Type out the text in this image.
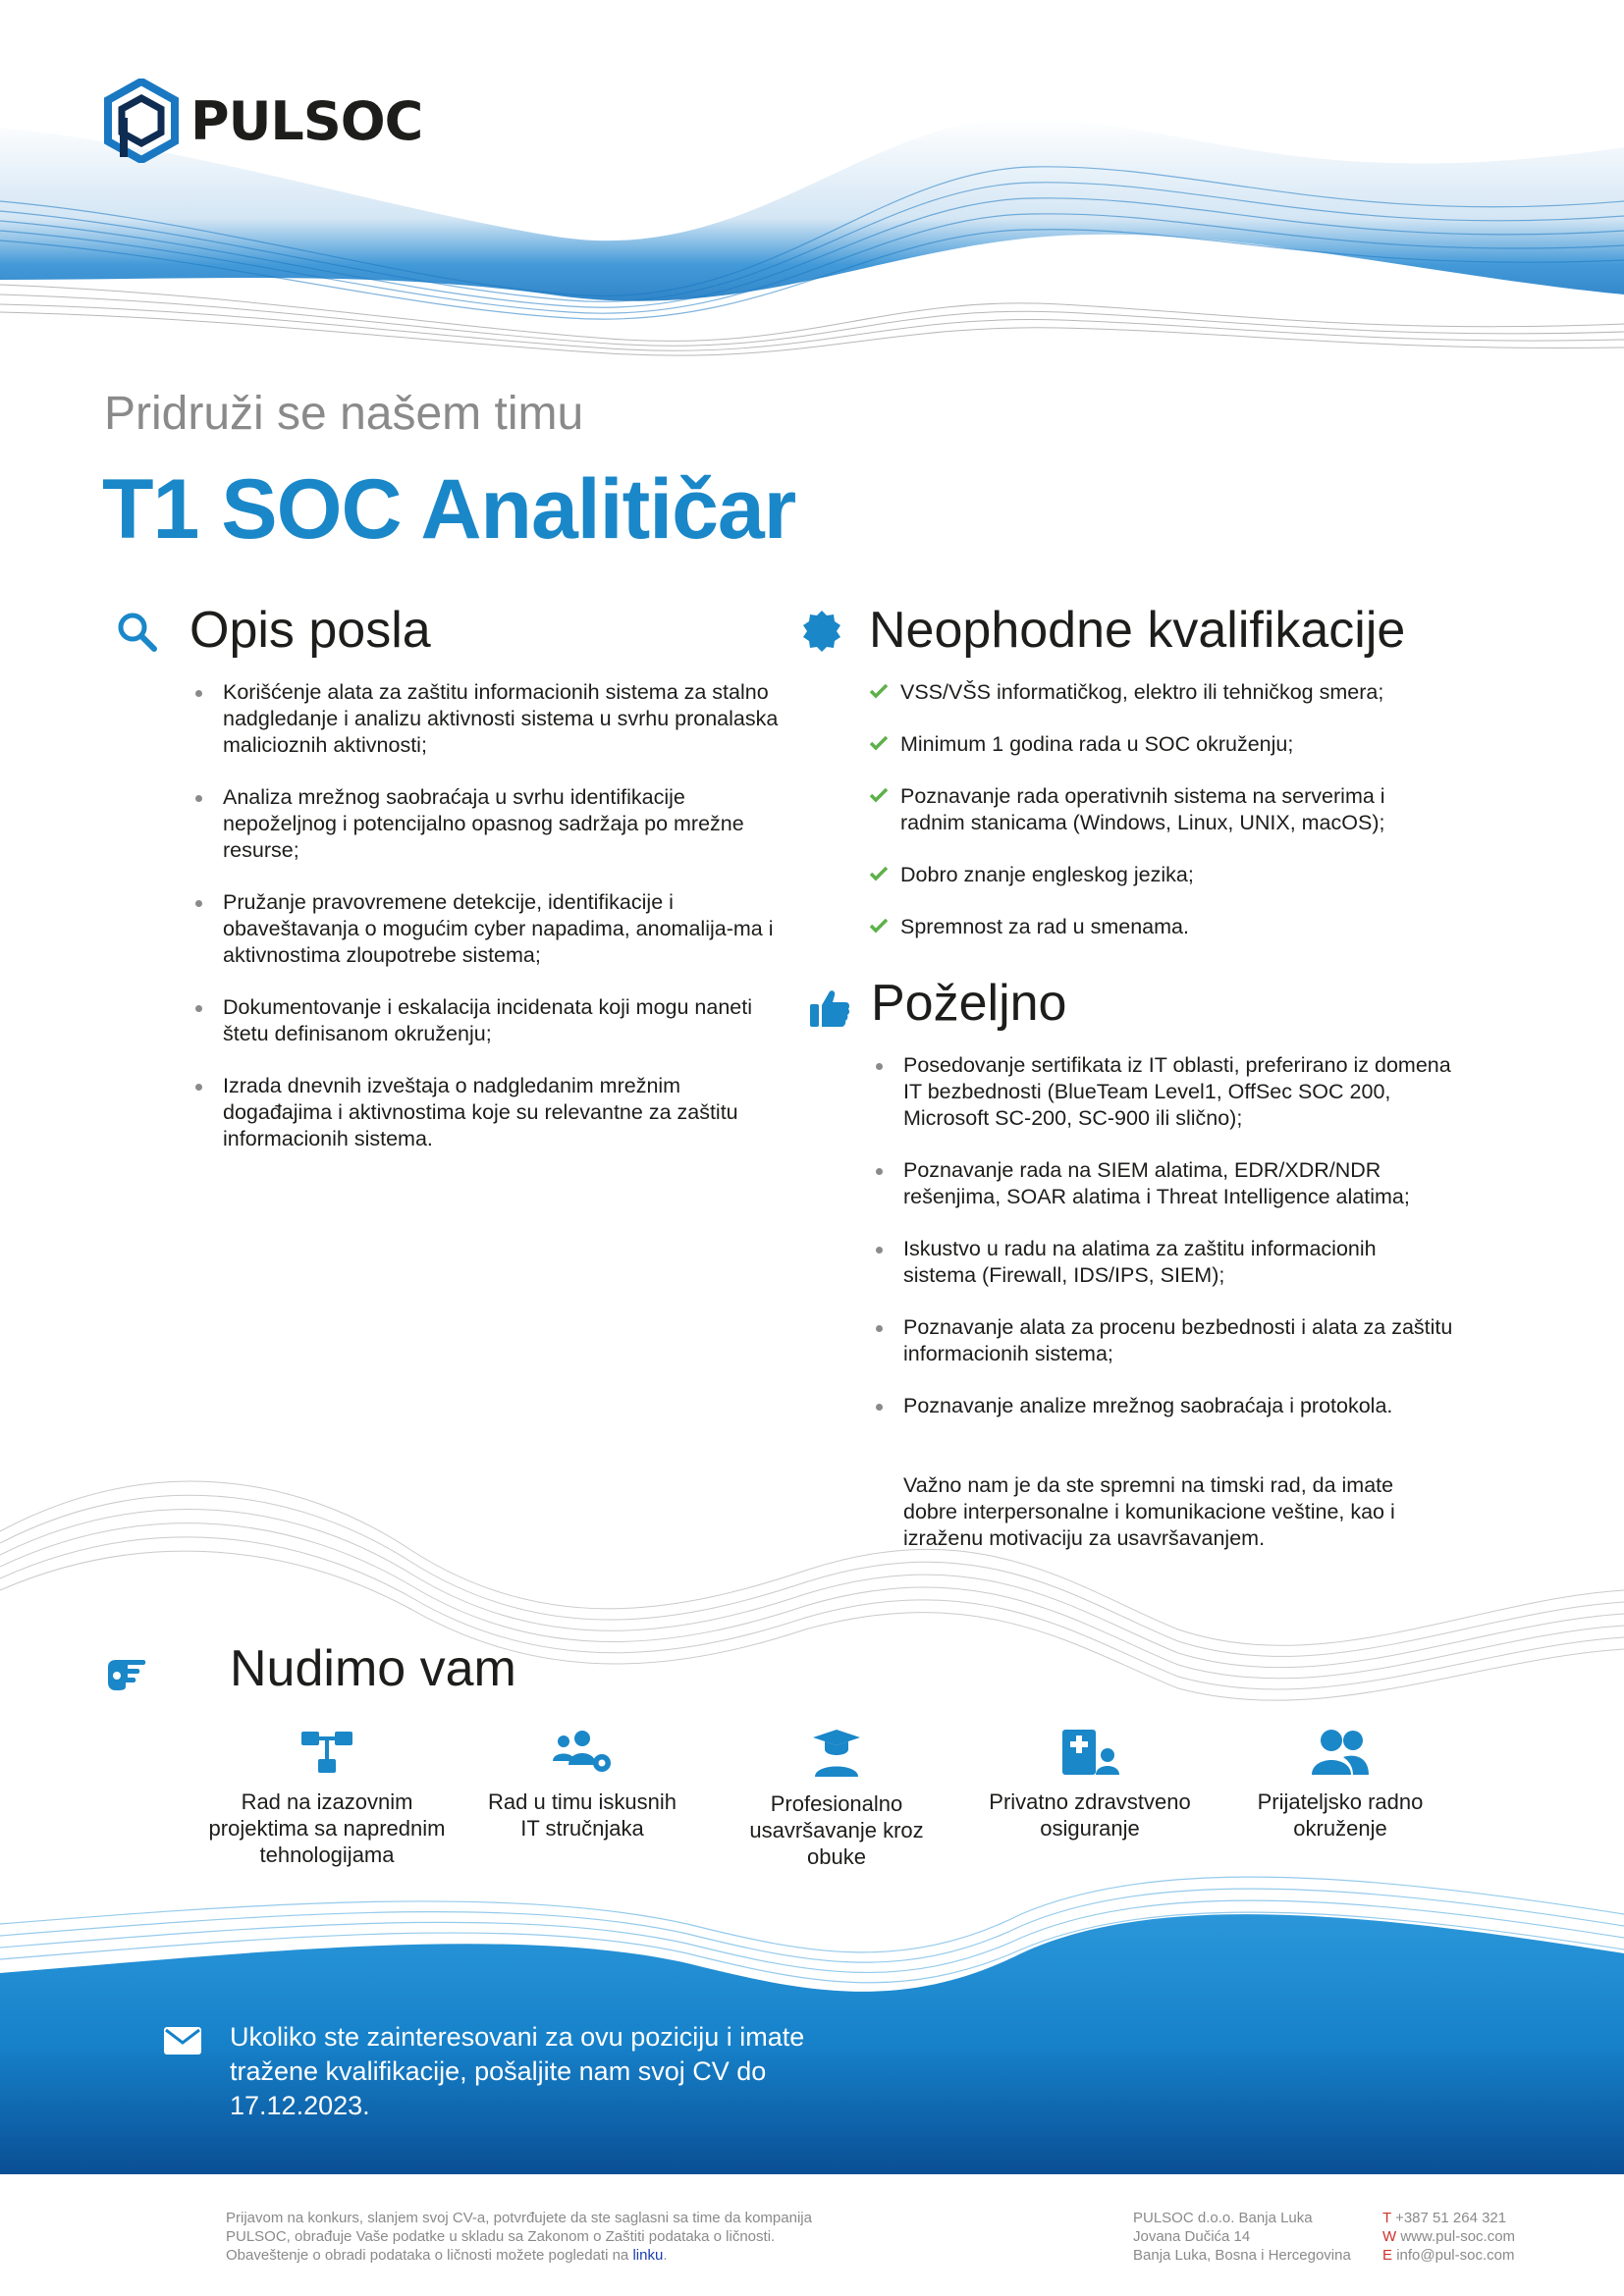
PULSOC
Pridruži se našem timu
T1 SOC Analitičar
Opis posla
Korišćenje alata za zaštitu informacionih sistema za stalno nadgledanje i analizu aktivnosti sistema u svrhu pronalaska malicioznih aktivnosti;
Analiza mrežnog saobraćaja u svrhu identifikacije nepoželjnog i potencijalno opasnog sadržaja po mrežne resurse;
Pružanje pravovremene detekcije, identifikacije i obaveštavanja o mogućim cyber napadima, anomalija-ma i aktivnostima zloupotrebe sistema;
Dokumentovanje i eskalacija incidenata koji mogu naneti štetu definisanom okruženju;
Izrada dnevnih izveštaja o nadgledanim mrežnim događajima i aktivnostima koje su relevantne za zaštitu informacionih sistema.
Neophodne kvalifikacije
VSS/VŠS informatičkog, elektro ili tehničkog smera;
Minimum 1 godina rada u SOC okruženju;
Poznavanje rada operativnih sistema na serverima i radnim stanicama (Windows, Linux, UNIX, macOS);
Dobro znanje engleskog jezika;
Spremnost za rad u smenama.
Poželjno
Posedovanje sertifikata iz IT oblasti, preferirano iz domena IT bezbednosti (BlueTeam Level1, OffSec SOC 200, Microsoft SC-200, SC-900 ili slično);
Poznavanje rada na SIEM alatima, EDR/XDR/NDR rešenjima, SOAR alatima i Threat Intelligence alatima;
Iskustvo u radu na alatima za zaštitu informacionih sistema (Firewall, IDS/IPS, SIEM);
Poznavanje alata za procenu bezbednosti i alata za zaštitu informacionih sistema;
Poznavanje analize mrežnog saobraćaja i protokola.
Važno nam je da ste spremni na timski rad, da imate dobre interpersonalne i komunikacione veštine, kao i izraženu motivaciju za usavršavanjem.
Nudimo vam
Rad na izazovnim projektima sa naprednim tehnologijama
Rad u timu iskusnih IT stručnjaka
Profesionalno usavršavanje kroz obuke
Privatno zdravstveno osiguranje
Prijateljsko radno okruženje
Ukoliko ste zainteresovani za ovu poziciju i imate tražene kvalifikacije, pošaljite nam svoj CV do 17.12.2023.
Prijavom na konkurs, slanjem svoj CV-a, potvrđujete da ste saglasni sa time da kompanija
PULSOC, obrađuje Vaše podatke u skladu sa Zakonom o Zaštiti podataka o ličnosti.
Obaveštenje o obradi podataka o ličnosti možete pogledati na linku.
PULSOC d.o.o. Banja Luka
Jovana Dučića 14
Banja Luka, Bosna i Hercegovina
T +387 51 264 321
W www.pul-soc.com
E info@pul-soc.com
